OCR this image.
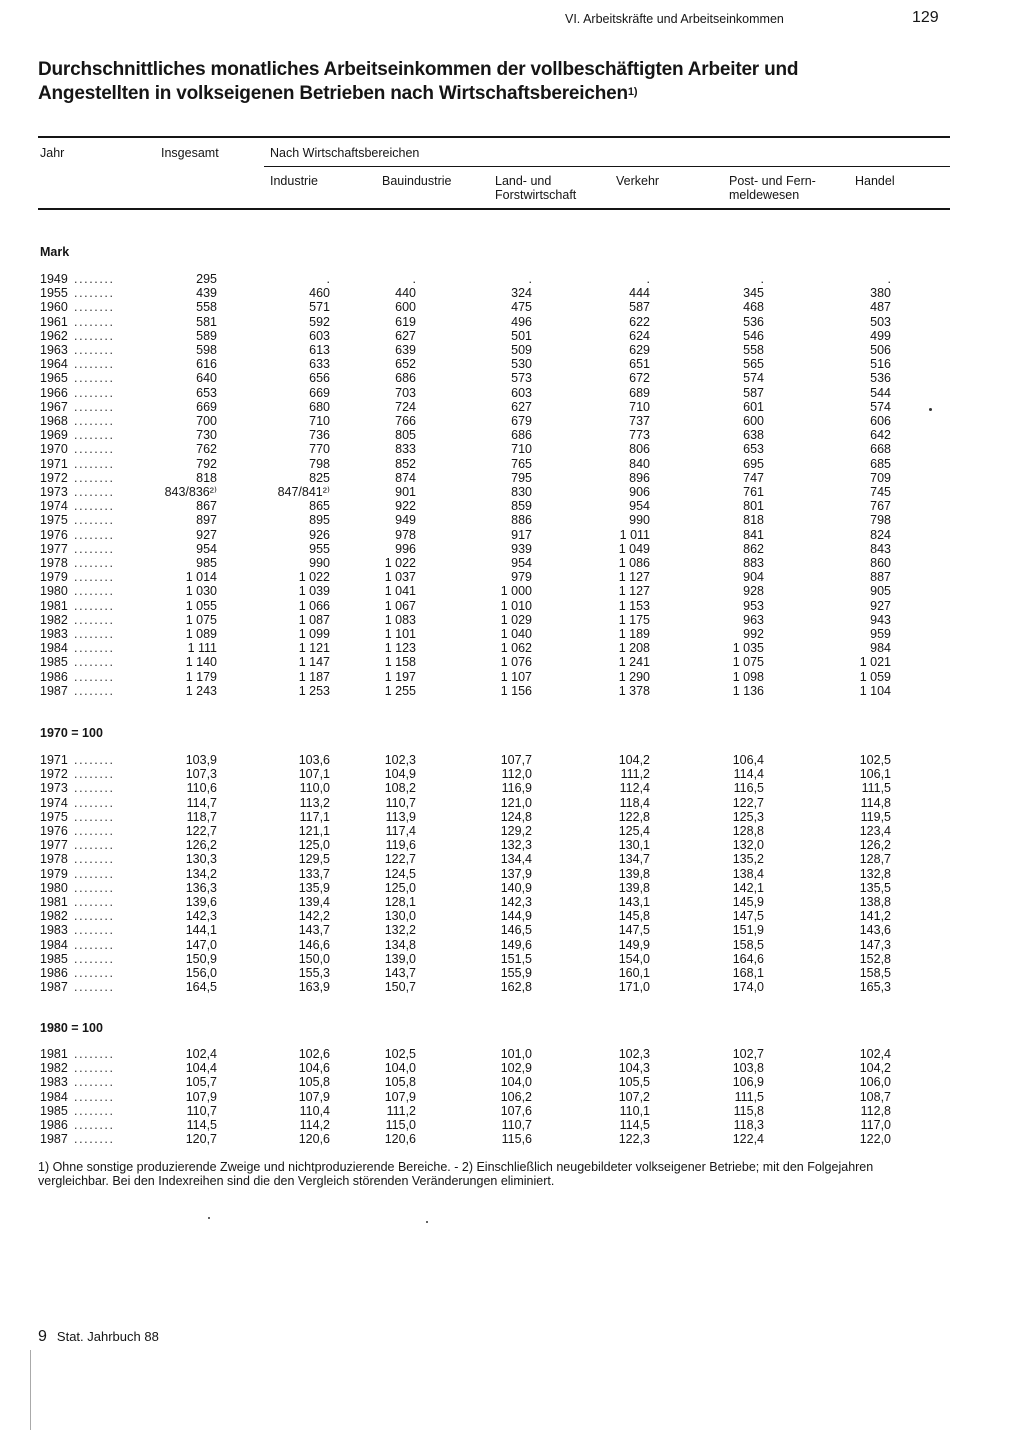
VI. Arbeitskräfte und Arbeitseinkommen	129
Durchschnittliches monatliches Arbeitseinkommen der vollbeschäftigten Arbeiter und
Angestellten in volkseigenen Betrieben nach Wirtschaftsbereichen$^{1)}$
Jahr	Insgesamt	Nach Wirtschaftsbereichen
Industrie	Bauindustrie	Land- und
Forstwirtschaft
Verkehr	Post- und Fern-
meldewesen
Handel
Mark
1949 ........	295	.	.	.	.	.	.
1955 ........	439	460	440	324	444	345	380
1960 ........	558	571	600	475	587	468	487
1961 ........	581	592	619	496	622	536	503
1962 ........	589	603	627	501	624	546	499
1963 ........	598	613	639	509	629	558	506
1964 ........	616	633	652	530	651	565	516
1965 ........	640	656	686	573	672	574	536
1966 ........	653	669	703	603	689	587	544
1967 ........	669	680	724	627	710	601	574
1968 ........	700	710	766	679	737	600	606
1969 ........	730	736	805	686	773	638	642
1970 ........	762	770	833	710	806	653	668
1971 ........	792	798	852	765	840	695	685
1972 ........	818	825	874	795	896	747	709
1973 ........	843/836²⁾	847/841²⁾	901	830	906	761	745
1974 ........	867	865	922	859	954	801	767
1975 ........	897	895	949	886	990	818	798
1976 ........	927	926	978	917	1 011	841	824
1977 ........	954	955	996	939	1 049	862	843
1978 ........	985	990	1 022	954	1 086	883	860
1979 ........	1 014	1 022	1 037	979	1 127	904	887
1980 ........	1 030	1 039	1 041	1 000	1 127	928	905
1981 ........	1 055	1 066	1 067	1 010	1 153	953	927
1982 ........	1 075	1 087	1 083	1 029	1 175	963	943
1983 ........	1 089	1 099	1 101	1 040	1 189	992	959
1984 ........	1 111	1 121	1 123	1 062	1 208	1 035	984
1985 ........	1 140	1 147	1 158	1 076	1 241	1 075	1 021
1986 ........	1 179	1 187	1 197	1 107	1 290	1 098	1 059
1987 ........	1 243	1 253	1 255	1 156	1 378	1 136	1 104
1970 = 100
1971 ........	103,9	103,6	102,3	107,7	104,2	106,4	102,5
1972 ........	107,3	107,1	104,9	112,0	111,2	114,4	106,1
1973 ........	110,6	110,0	108,2	116,9	112,4	116,5	111,5
1974 ........	114,7	113,2	110,7	121,0	118,4	122,7	114,8
1975 ........	118,7	117,1	113,9	124,8	122,8	125,3	119,5
1976 ........	122,7	121,1	117,4	129,2	125,4	128,8	123,4
1977 ........	126,2	125,0	119,6	132,3	130,1	132,0	126,2
1978 ........	130,3	129,5	122,7	134,4	134,7	135,2	128,7
1979 ........	134,2	133,7	124,5	137,9	139,8	138,4	132,8
1980 ........	136,3	135,9	125,0	140,9	139,8	142,1	135,5
1981 ........	139,6	139,4	128,1	142,3	143,1	145,9	138,8
1982 ........	142,3	142,2	130,0	144,9	145,8	147,5	141,2
1983 ........	144,1	143,7	132,2	146,5	147,5	151,9	143,6
1984 ........	147,0	146,6	134,8	149,6	149,9	158,5	147,3
1985 ........	150,9	150,0	139,0	151,5	154,0	164,6	152,8
1986 ........	156,0	155,3	143,7	155,9	160,1	168,1	158,5
1987 ........	164,5	163,9	150,7	162,8	171,0	174,0	165,3
1980 = 100
1981 ........	102,4	102,6	102,5	101,0	102,3	102,7	102,4
1982 ........	104,4	104,6	104,0	102,9	104,3	103,8	104,2
1983 ........	105,7	105,8	105,8	104,0	105,5	106,9	106,0
1984 ........	107,9	107,9	107,9	106,2	107,2	111,5	108,7
1985 ........	110,7	110,4	111,2	107,6	110,1	115,8	112,8
1986 ........	114,5	114,2	115,0	110,7	114,5	118,3	117,0
1987 ........	120,7	120,6	120,6	115,6	122,3	122,4	122,0
1) Ohne sonstige produzierende Zweige und nichtproduzierende Bereiche. - 2) Einschließlich neugebildeter volkseigener Betriebe; mit den Folgejahren
vergleichbar. Bei den Indexreihen sind die den Vergleich störenden Veränderungen eliminiert.
9 Stat. Jahrbuch 88
